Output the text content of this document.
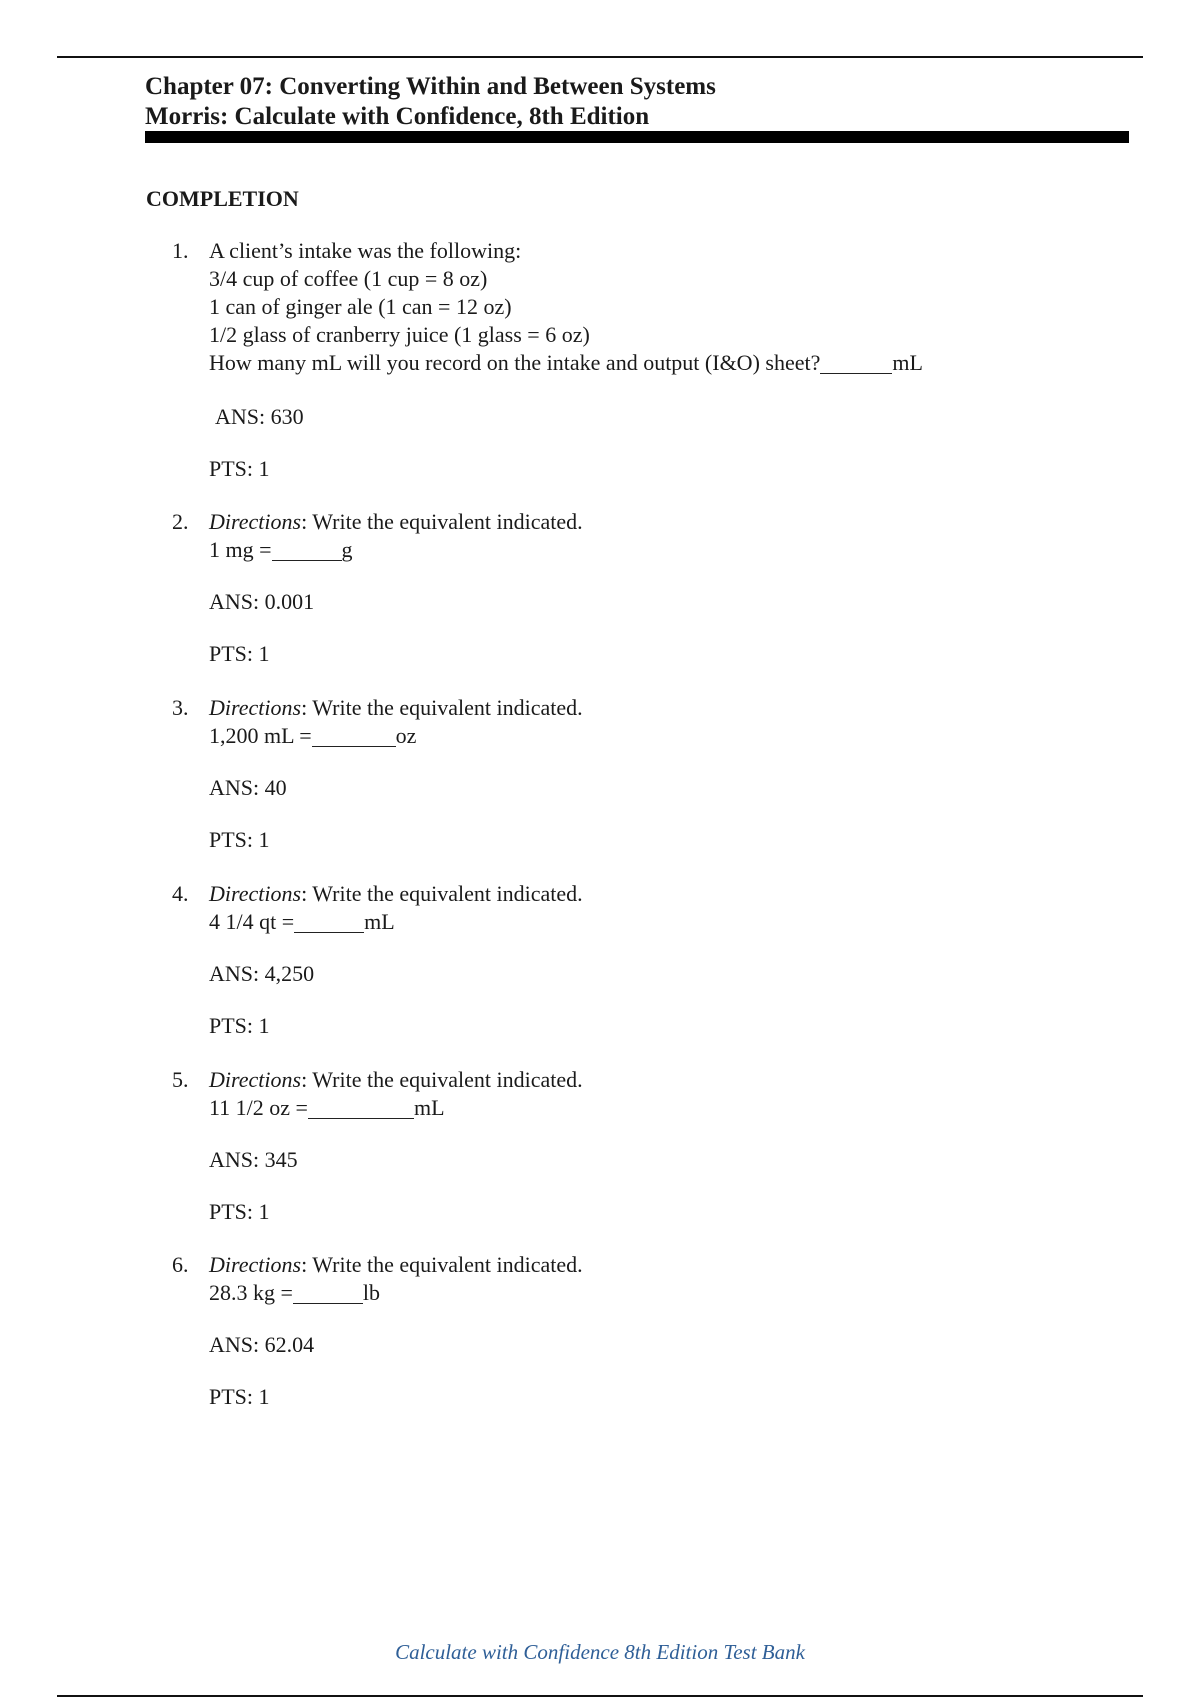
Chapter 07: Converting Within and Between Systems
Morris: Calculate with Confidence, 8th Edition
COMPLETION
1. A client’s intake was the following:
3/4 cup of coffee (1 cup = 8 oz)
1 can of ginger ale (1 can = 12 oz)
1/2 glass of cranberry juice (1 glass = 6 oz)
How many mL will you record on the intake and output (I&O) sheet?	mL
ANS: 630
PTS: 1
2. Directions: Write the equivalent indicated.
1 mg =	g
ANS: 0.001
PTS: 1
3. Directions: Write the equivalent indicated.
1,200 mL =	oz
ANS: 40
PTS: 1
4. Directions: Write the equivalent indicated.
4 1/4 qt =	mL
ANS: 4,250
PTS: 1
5. Directions: Write the equivalent indicated.
11 1/2 oz =	mL
ANS: 345
PTS: 1
6. Directions: Write the equivalent indicated.
28.3 kg =	lb
ANS: 62.04
PTS: 1
Calculate with Confidence 8th Edition Test Bank
